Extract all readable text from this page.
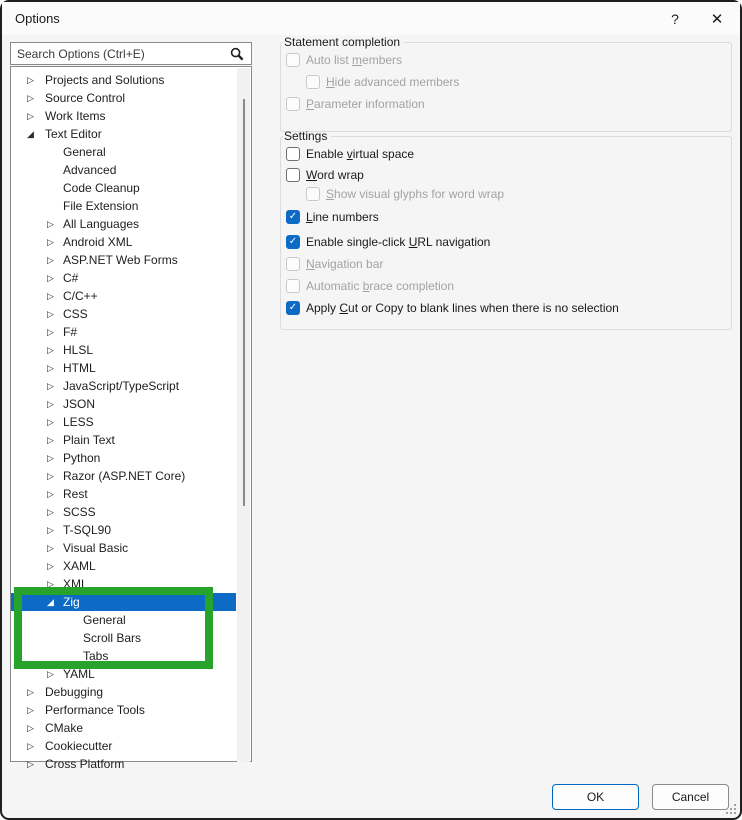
Options	? ✕
Search Options (Ctrl+E)
▷ Projects and Solutions
▷ Source Control
▷ Work Items
◢ Text Editor
General
Advanced
Code Cleanup
File Extension
▷ All Languages
▷ Android XML
▷ ASP.NET Web Forms
▷ C#
▷ C/C++
▷ CSS
▷ F#
▷ HLSL
▷ HTML
▷ JavaScript/TypeScript
▷ JSON
▷ LESS
▷ Plain Text
▷ Python
▷ Razor (ASP.NET Core)
▷ Rest
▷ SCSS
▷ T-SQL90
▷ Visual Basic
▷ XAML
▷ XML
◢ Zig
General
Scroll Bars
Tabs
▷ YAML
▷ Debugging
▷ Performance Tools
▷ CMake
▷ Cookiecutter
▷ Cross Platform
Statement completion
Auto list members
Hide advanced members
Parameter information
Settings
Enable virtual space
Word wrap
Show visual glyphs for word wrap
✓ Line numbers
✓ Enable single-click URL navigation
Navigation bar
Automatic brace completion
✓ Apply Cut or Copy to blank lines when there is no selection
OK	Cancel
